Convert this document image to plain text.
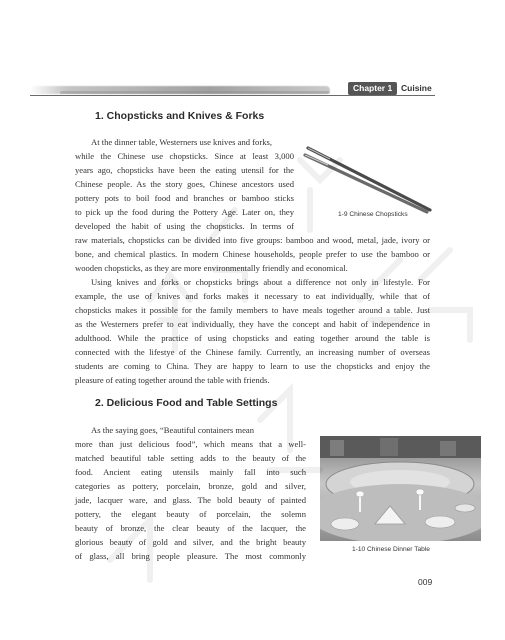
Chapter 1	Cuisine
1. Chopsticks and Knives & Forks
At the dinner table, Westerners use knives and forks,
while the Chinese use chopsticks. Since at least 3,000
years ago, chopsticks have been the eating utensil for the
Chinese people. As the story goes, Chinese ancestors used
pottery pots to boil food and branches or bamboo sticks
to pick up the food during the Pottery Age. Later on, they
developed the habit of using the chopsticks. In terms of
raw materials, chopsticks can be divided into five groups: bamboo and wood, metal, jade, ivory or
bone, and chemical plastics. In modern Chinese households, people prefer to use the bamboo or
wooden chopsticks, as they are more environmentally friendly and economical.
Using knives and forks or chopsticks brings about a difference not only in lifestyle. For
example, the use of knives and forks makes it necessary to eat individually, while that of
chopsticks makes it possible for the family members to have meals together around a table. Just
as the Westerners prefer to eat individually, they have the concept and habit of independence in
adulthood. While the practice of using chopsticks and eating together around the table is
connected with the lifestye of the Chinese family. Currently, an increasing number of overseas
students are coming to China. They are happy to learn to use the chopsticks and enjoy the
pleasure of eating together around the table with friends.
1-9 Chinese Chopsticks
2. Delicious Food and Table Settings
As the saying goes, “Beautiful containers mean
more than just delicious food”, which means that a well-
matched beautiful table setting adds to the beauty of the
food. Ancient eating utensils mainly fall into such
categories as pottery, porcelain, bronze, gold and silver,
jade, lacquer ware, and glass. The bold beauty of painted
pottery, the elegant beauty of porcelain, the solemn
beauty of bronze, the clear beauty of the lacquer, the
glorious beauty of gold and silver, and the bright beauty
of glass, all bring people pleasure. The most commonly
1-10 Chinese Dinner Table
009
